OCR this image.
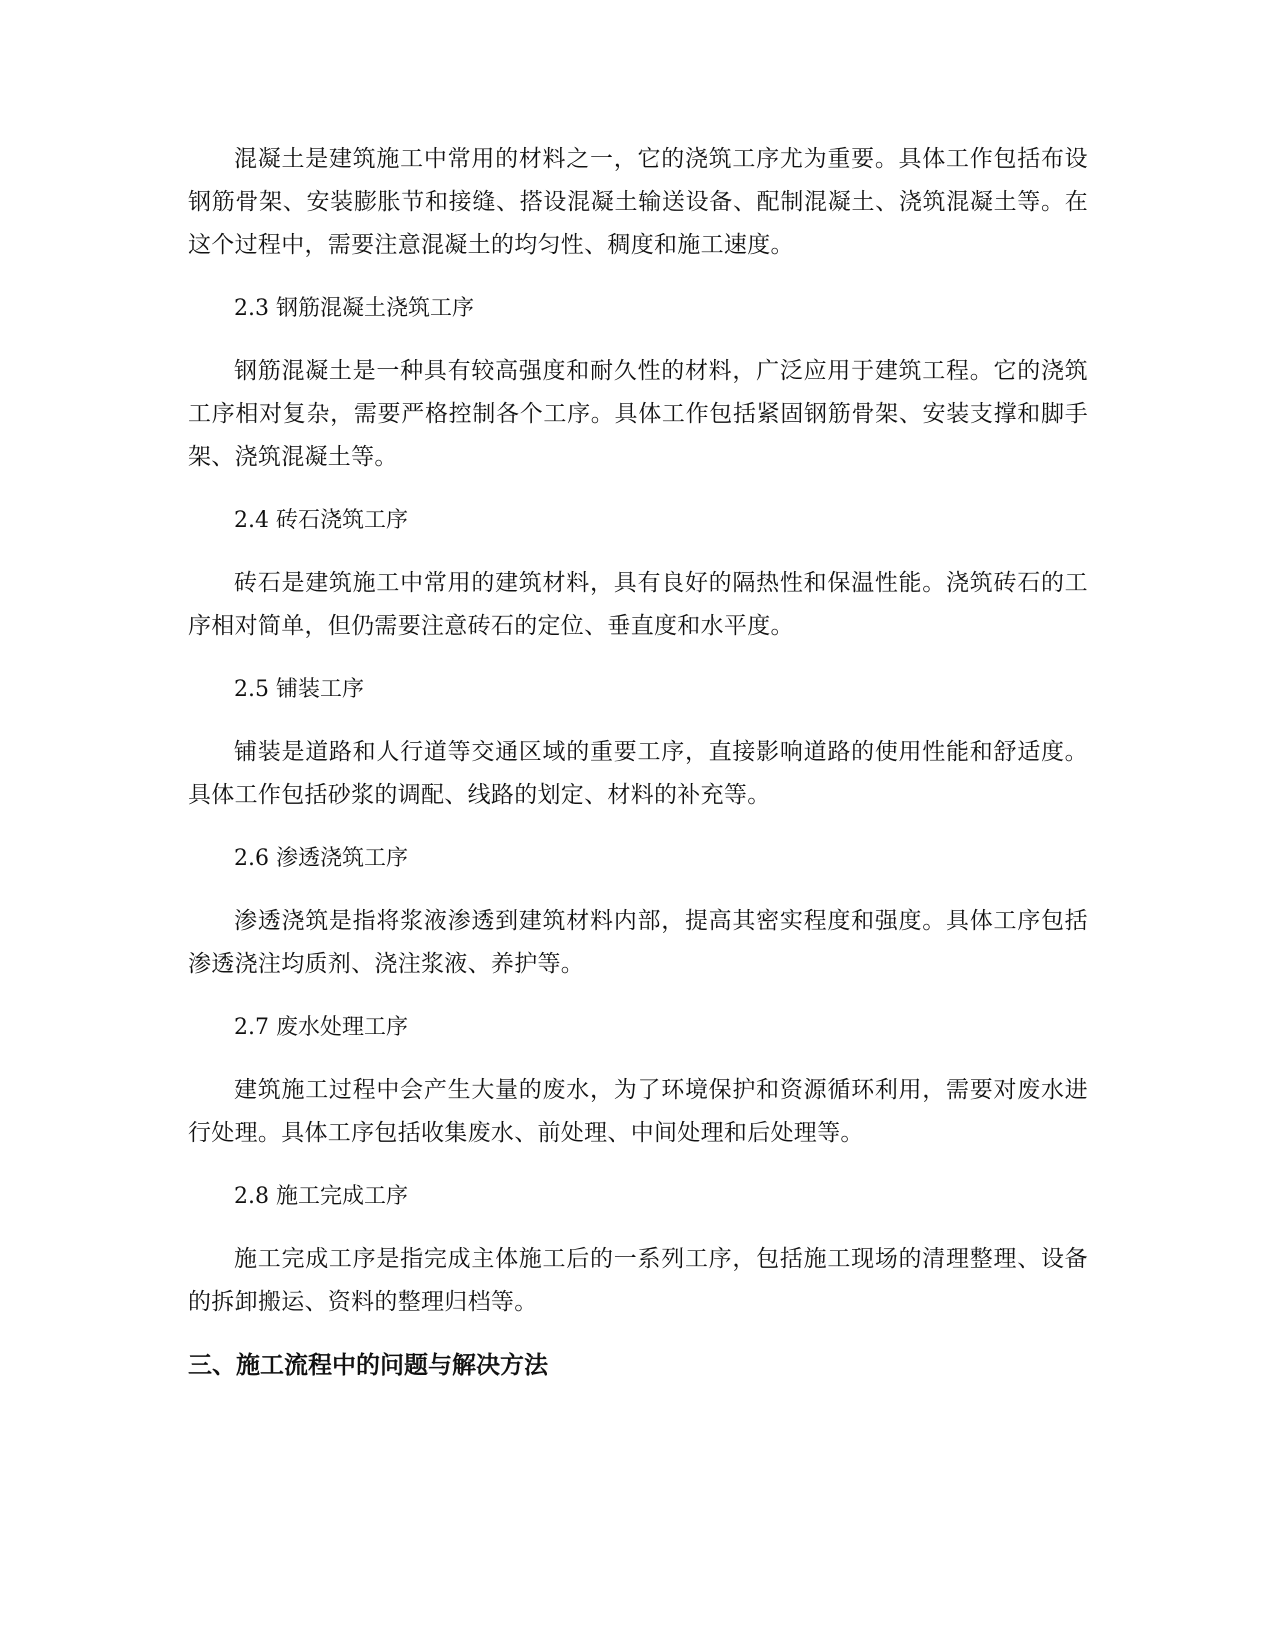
混凝土是建筑施工中常用的材料之一，它的浇筑工序尤为重要。具体工作包括布设钢筋骨架、安装膨胀节和接缝、搭设混凝土输送设备、配制混凝土、浇筑混凝土等。在这个过程中，需要注意混凝土的均匀性、稠度和施工速度。

2.3 钢筋混凝土浇筑工序

钢筋混凝土是一种具有较高强度和耐久性的材料，广泛应用于建筑工程。它的浇筑工序相对复杂，需要严格控制各个工序。具体工作包括紧固钢筋骨架、安装支撑和脚手架、浇筑混凝土等。

2.4 砖石浇筑工序

砖石是建筑施工中常用的建筑材料，具有良好的隔热性和保温性能。浇筑砖石的工序相对简单，但仍需要注意砖石的定位、垂直度和水平度。

2.5 铺装工序

铺装是道路和人行道等交通区域的重要工序，直接影响道路的使用性能和舒适度。具体工作包括砂浆的调配、线路的划定、材料的补充等。

2.6 渗透浇筑工序

渗透浇筑是指将浆液渗透到建筑材料内部，提高其密实程度和强度。具体工序包括渗透浇注均质剂、浇注浆液、养护等。

2.7 废水处理工序

建筑施工过程中会产生大量的废水，为了环境保护和资源循环利用，需要对废水进行处理。具体工序包括收集废水、前处理、中间处理和后处理等。

2.8 施工完成工序

施工完成工序是指完成主体施工后的一系列工序，包括施工现场的清理整理、设备的拆卸搬运、资料的整理归档等。

三、施工流程中的问题与解决方法
